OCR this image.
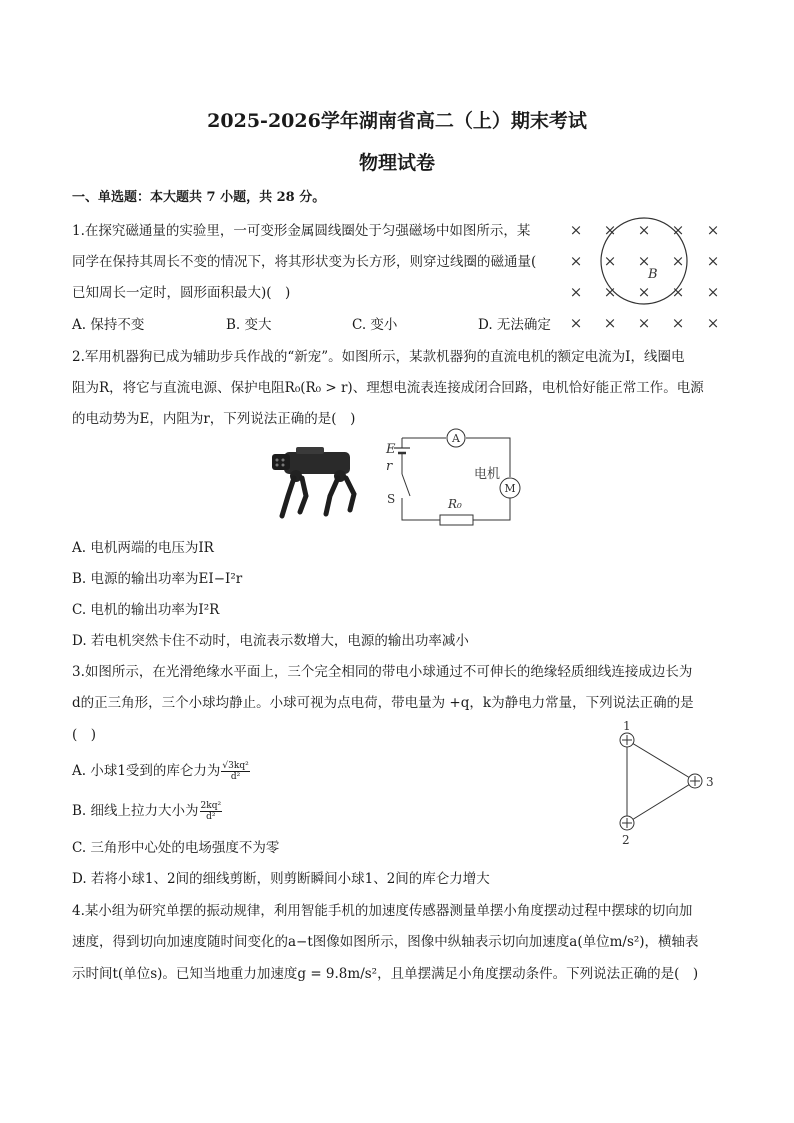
2025-2026学年湖南省高二（上）期末考试
物理试卷
一、单选题：本大题共 7 小题，共 28 分。
1.在探究磁通量的实验里，一可变形金属圆线圈处于匀强磁场中如图所示，某
同学在保持其周长不变的情况下，将其形状变为长方形，则穿过线圈的磁通量(
已知周长一定时，圆形面积最大)(　)
A. 保持不变	B. 变大	C. 变小	D. 无法确定
× × × × ×
× × × × ×
× × × × ×
× × × × ×
B
2.军用机器狗已成为辅助步兵作战的“新宠”。如图所示，某款机器狗的直流电机的额定电流为I，线圈电
阻为R，将它与直流电源、保护电阻R₀(R₀ > r)、理想电流表连接成闭合回路，电机恰好能正常工作。电源
的电动势为E，内阻为r，下列说法正确的是(　)
A
M
电机
R₀
E
r
S
A. 电机两端的电压为IR
B. 电源的输出功率为EI−I²r
C. 电机的输出功率为I²R
D. 若电机突然卡住不动时，电流表示数增大，电源的输出功率减小
3.如图所示，在光滑绝缘水平面上，三个完全相同的带电小球通过不可伸长的绝缘轻质细线连接成边长为
d的正三角形，三个小球均静止。小球可视为点电荷，带电量为 +q，k为静电力常量，下列说法正确的是
(　)
A. 小球1受到的库仑力为 $\frac{\text{√3kq²}}{\text{d²}}$
B. 细线上拉力大小为 $\frac{\text{2kq²}}{\text{d²}}$
C. 三角形中心处的电场强度不为零
D. 若将小球1、2间的细线剪断，则剪断瞬间小球1、2间的库仑力增大
1
2
3
4.某小组为研究单摆的振动规律，利用智能手机的加速度传感器测量单摆小角度摆动过程中摆球的切向加
速度，得到切向加速度随时间变化的a−t图像如图所示，图像中纵轴表示切向加速度a(单位m/s²)，横轴表
示时间t(单位s)。已知当地重力加速度g = 9.8m/s²，且单摆满足小角度摆动条件。下列说法正确的是(　)
